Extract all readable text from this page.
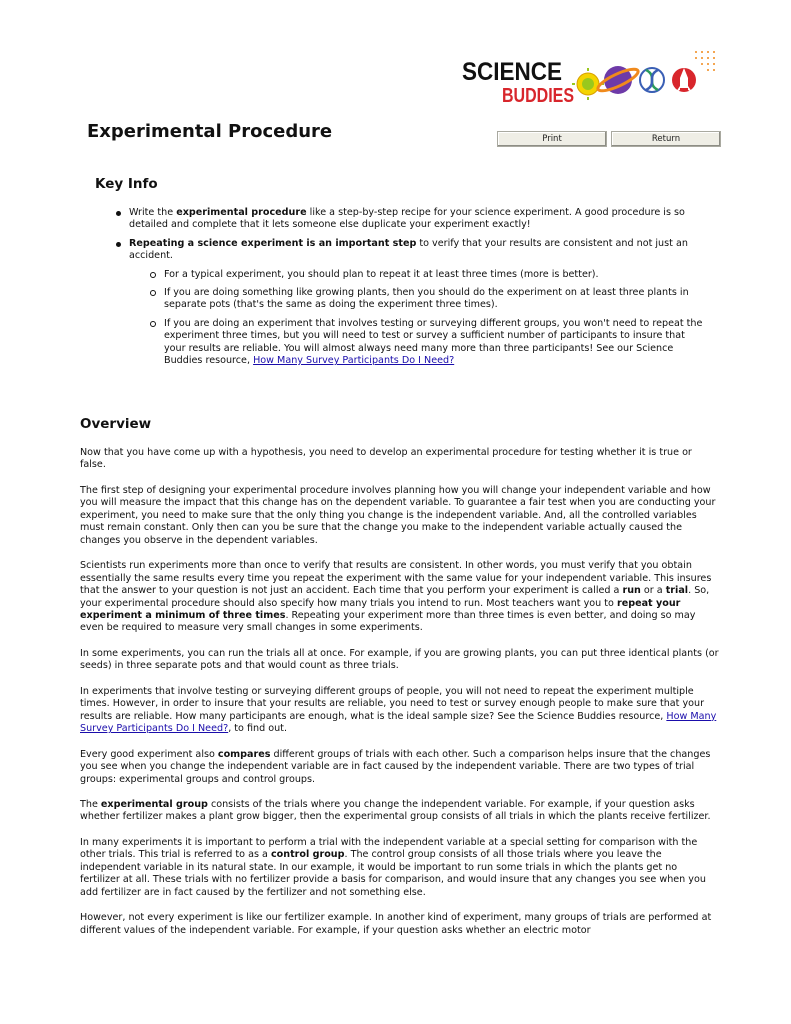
SCIENCE
BUDDIES
Experimental Procedure	Print	Return
Key Info
Write the experimental procedure like a step-by-step recipe for your science experiment. A good procedure is so detailed and complete that it lets someone else duplicate your experiment exactly!
Repeating a science experiment is an important step to verify that your results are consistent and not just an accident.
For a typical experiment, you should plan to repeat it at least three times (more is better).
If you are doing something like growing plants, then you should do the experiment on at least three plants in separate pots (that's the same as doing the experiment three times).
If you are doing an experiment that involves testing or surveying different groups, you won't need to repeat the experiment three times, but you will need to test or survey a sufficient number of participants to insure that your results are reliable. You will almost always need many more than three participants! See our Science Buddies resource, How Many Survey Participants Do I Need?
Overview

Now that you have come up with a hypothesis, you need to develop an experimental procedure for testing whether it is true or false.

The first step of designing your experimental procedure involves planning how you will change your independent variable and how you will measure the impact that this change has on the dependent variable. To guarantee a fair test when you are conducting your experiment, you need to make sure that the only thing you change is the independent variable. And, all the controlled variables must remain constant. Only then can you be sure that the change you make to the independent variable actually caused the changes you observe in the dependent variables.

Scientists run experiments more than once to verify that results are consistent. In other words, you must verify that you obtain essentially the same results every time you repeat the experiment with the same value for your independent variable. This insures that the answer to your question is not just an accident. Each time that you perform your experiment is called a run or a trial. So, your experimental procedure should also specify how many trials you intend to run. Most teachers want you to repeat your experiment a minimum of three times. Repeating your experiment more than three times is even better, and doing so may even be required to measure very small changes in some experiments.

In some experiments, you can run the trials all at once. For example, if you are growing plants, you can put three identical plants (or seeds) in three separate pots and that would count as three trials.

In experiments that involve testing or surveying different groups of people, you will not need to repeat the experiment multiple times. However, in order to insure that your results are reliable, you need to test or survey enough people to make sure that your results are reliable. How many participants are enough, what is the ideal sample size? See the Science Buddies resource, How Many Survey Participants Do I Need?, to find out.

Every good experiment also compares different groups of trials with each other. Such a comparison helps insure that the changes you see when you change the independent variable are in fact caused by the independent variable. There are two types of trial groups: experimental groups and control groups.

The experimental group consists of the trials where you change the independent variable. For example, if your question asks whether fertilizer makes a plant grow bigger, then the experimental group consists of all trials in which the plants receive fertilizer.

In many experiments it is important to perform a trial with the independent variable at a special setting for comparison with the other trials. This trial is referred to as a control group. The control group consists of all those trials where you leave the independent variable in its natural state. In our example, it would be important to run some trials in which the plants get no fertilizer at all. These trials with no fertilizer provide a basis for comparison, and would insure that any changes you see when you add fertilizer are in fact caused by the fertilizer and not something else.

However, not every experiment is like our fertilizer example. In another kind of experiment, many groups of trials are performed at different values of the independent variable. For example, if your question asks whether an electric motor
